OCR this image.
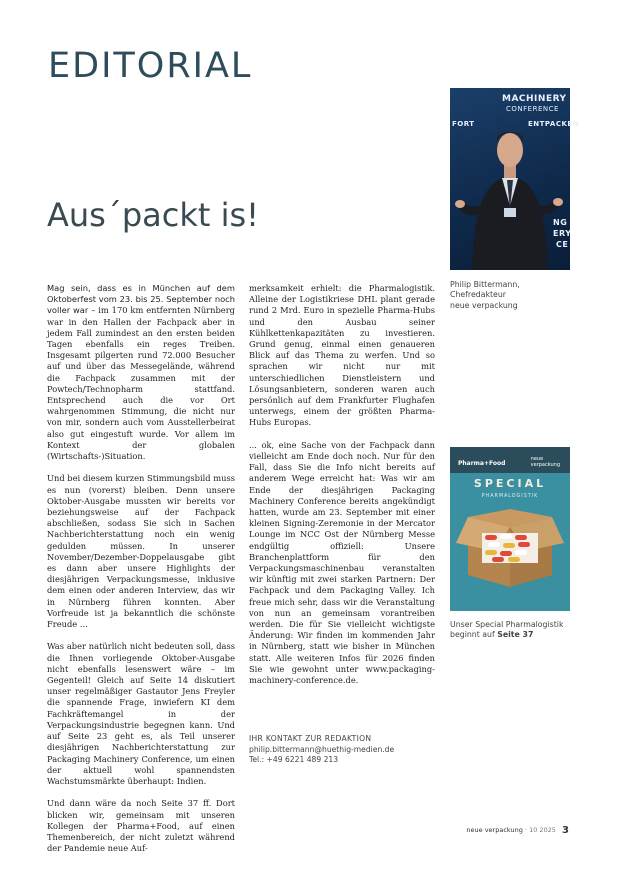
EDITORIAL
Aus´packt is!

Mag sein, dass es in München auf dem Oktoberfest vom 23. bis 25. September noch voller war – im 170 km entfernten Nürnberg war in den Hallen der Fachpack aber in jedem Fall zumindest an den ersten beiden Tagen ebenfalls ein reges Treiben. Insgesamt pilgerten rund 72.000 Besucher auf und über das Messegelände, während die Fachpack zusammen mit der Powtech/Technopharm stattfand. Entsprechend auch die vor Ort wahrgenommen Stimmung, die nicht nur von mir, sondern auch vom Ausstellerbeirat also gut eingestuft wurde. Vor allem im Kontext der globalen (Wirtschafts-)Situation.

Und bei diesem kurzen Stimmungsbild muss es nun (vorerst) bleiben. Denn unsere Oktober-Ausgabe mussten wir bereits vor beziehungsweise auf der Fachpack abschließen, sodass Sie sich in Sachen Nachberichterstattung noch ein wenig gedulden müssen. In unserer November/Dezember-Doppelausgabe gibt es dann aber unsere Highlights der diesjährigen Verpackungsmesse, inklusive dem einen oder anderen Interview, das wir in Nürnberg führen konnten. Aber Vorfreude ist ja bekanntlich die schönste Freude ...

Was aber natürlich nicht bedeuten soll, dass die Ihnen vorliegende Oktober-Ausgabe nicht ebenfalls lesenswert wäre – im Gegenteil! Gleich auf Seite 14 diskutiert unser regelmäßiger Gastautor Jens Freyler die spannende Frage, inwiefern KI dem Fachkräftemangel in der Verpackungsindustrie begegnen kann. Und auf Seite 23 geht es, als Teil unserer diesjährigen Nachberichterstattung zur Packaging Machinery Conference, um einen der aktuell wohl spannendsten Wachstumsmärkte überhaupt: Indien.

Und dann wäre da noch Seite 37 ff. Dort blicken wir, gemeinsam mit unseren Kollegen der Pharma+Food, auf einen Themenbereich, der nicht zuletzt während der Pandemie neue Auf-

merksamkeit erhielt: die Pharmalogistik. Alleine der Logistikriese DHL plant gerade rund 2 Mrd. Euro in spezielle Pharma-Hubs und den Ausbau seiner Kühlkettenkapazitäten zu investieren. Grund genug, einmal einen genaueren Blick auf das Thema zu werfen. Und so sprachen wir nicht nur mit unterschiedlichen Dienstleistern und Lösungsanbietern, sonderen waren auch persönlich auf dem Frankfurter Flughafen unterwegs, einem der größten Pharma-Hubs Europas.

... ok, eine Sache von der Fachpack dann vielleicht am Ende doch noch. Nur für den Fall, dass Sie die Info nicht bereits auf anderem Wege erreicht hat: Was wir am Ende der diesjährigen Packaging Machinery Conference bereits angekündigt hatten, wurde am 23. September mit einer kleinen Signing-Zeremonie in der Mercator Lounge im NCC Ost der Nürnberg Messe endgültig offiziell: Unsere Branchenplattform für den Verpackungsmaschinenbau veranstalten wir künftig mit zwei starken Partnern: Der Fachpack und dem Packaging Valley. Ich freue mich sehr, dass wir die Veranstaltung von nun an gemeinsam vorantreiben werden. Die für Sie vielleicht wichtigste Änderung: Wir finden im kommenden Jahr in Nürnberg, statt wie bisher in München statt. Alle weiteren Infos für 2026 finden Sie wie gewohnt unter www.packaging-machinery-conference.de.

IHR KONTAKT ZUR REDAKTION
philip.bittermann@huethig-medien.de
Tel.: +49 6221 489 213
MACHINERY
CONFERENCE
FORT	ENTPACKEN
NG
ERY
CE
Philip Bittermann,
Chefredakteur
neue verpackung
Pharma+Food
neue
verpackung
SPECIAL
PHARMALOGISTIK
Unser Special Pharmalogistik beginnt auf Seite 37
neue verpackung · 10 2025 3
